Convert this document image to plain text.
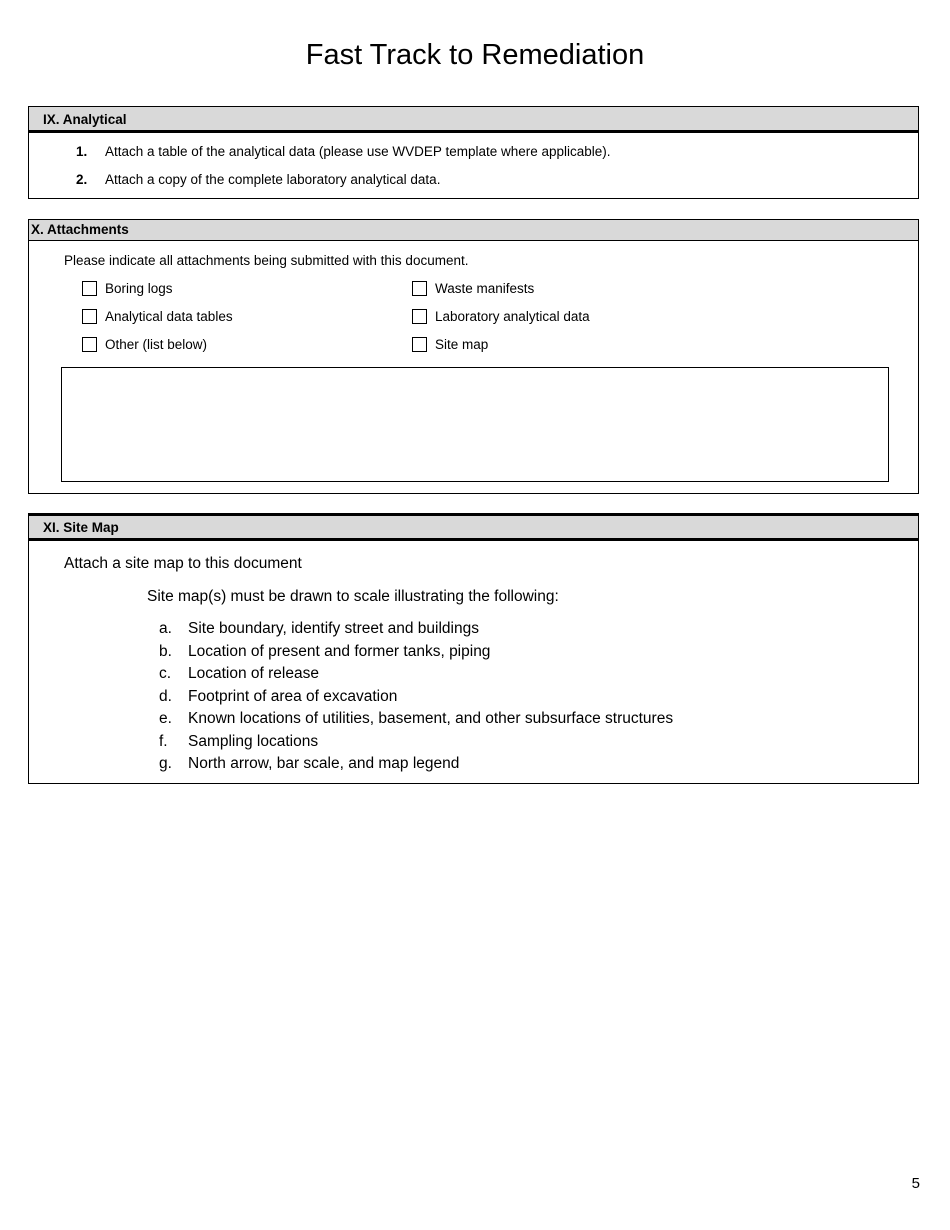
Fast Track to Remediation
IX. Analytical
1.	Attach a table of the analytical data (please use WVDEP template where applicable).
2.	Attach a copy of the complete laboratory analytical data.
X. Attachments
Please indicate all attachments being submitted with this document.
Boring logs	Waste manifests
Analytical data tables	Laboratory analytical data
Other (list below)	Site map
XI. Site Map
Attach a site map to this document
Site map(s) must be drawn to scale illustrating the following:
a. Site boundary, identify street and buildings
b. Location of present and former tanks, piping
c. Location of release
d. Footprint of area of excavation
e. Known locations of utilities, basement, and other subsurface structures
f.	Sampling locations
g. North arrow, bar scale, and map legend
5
